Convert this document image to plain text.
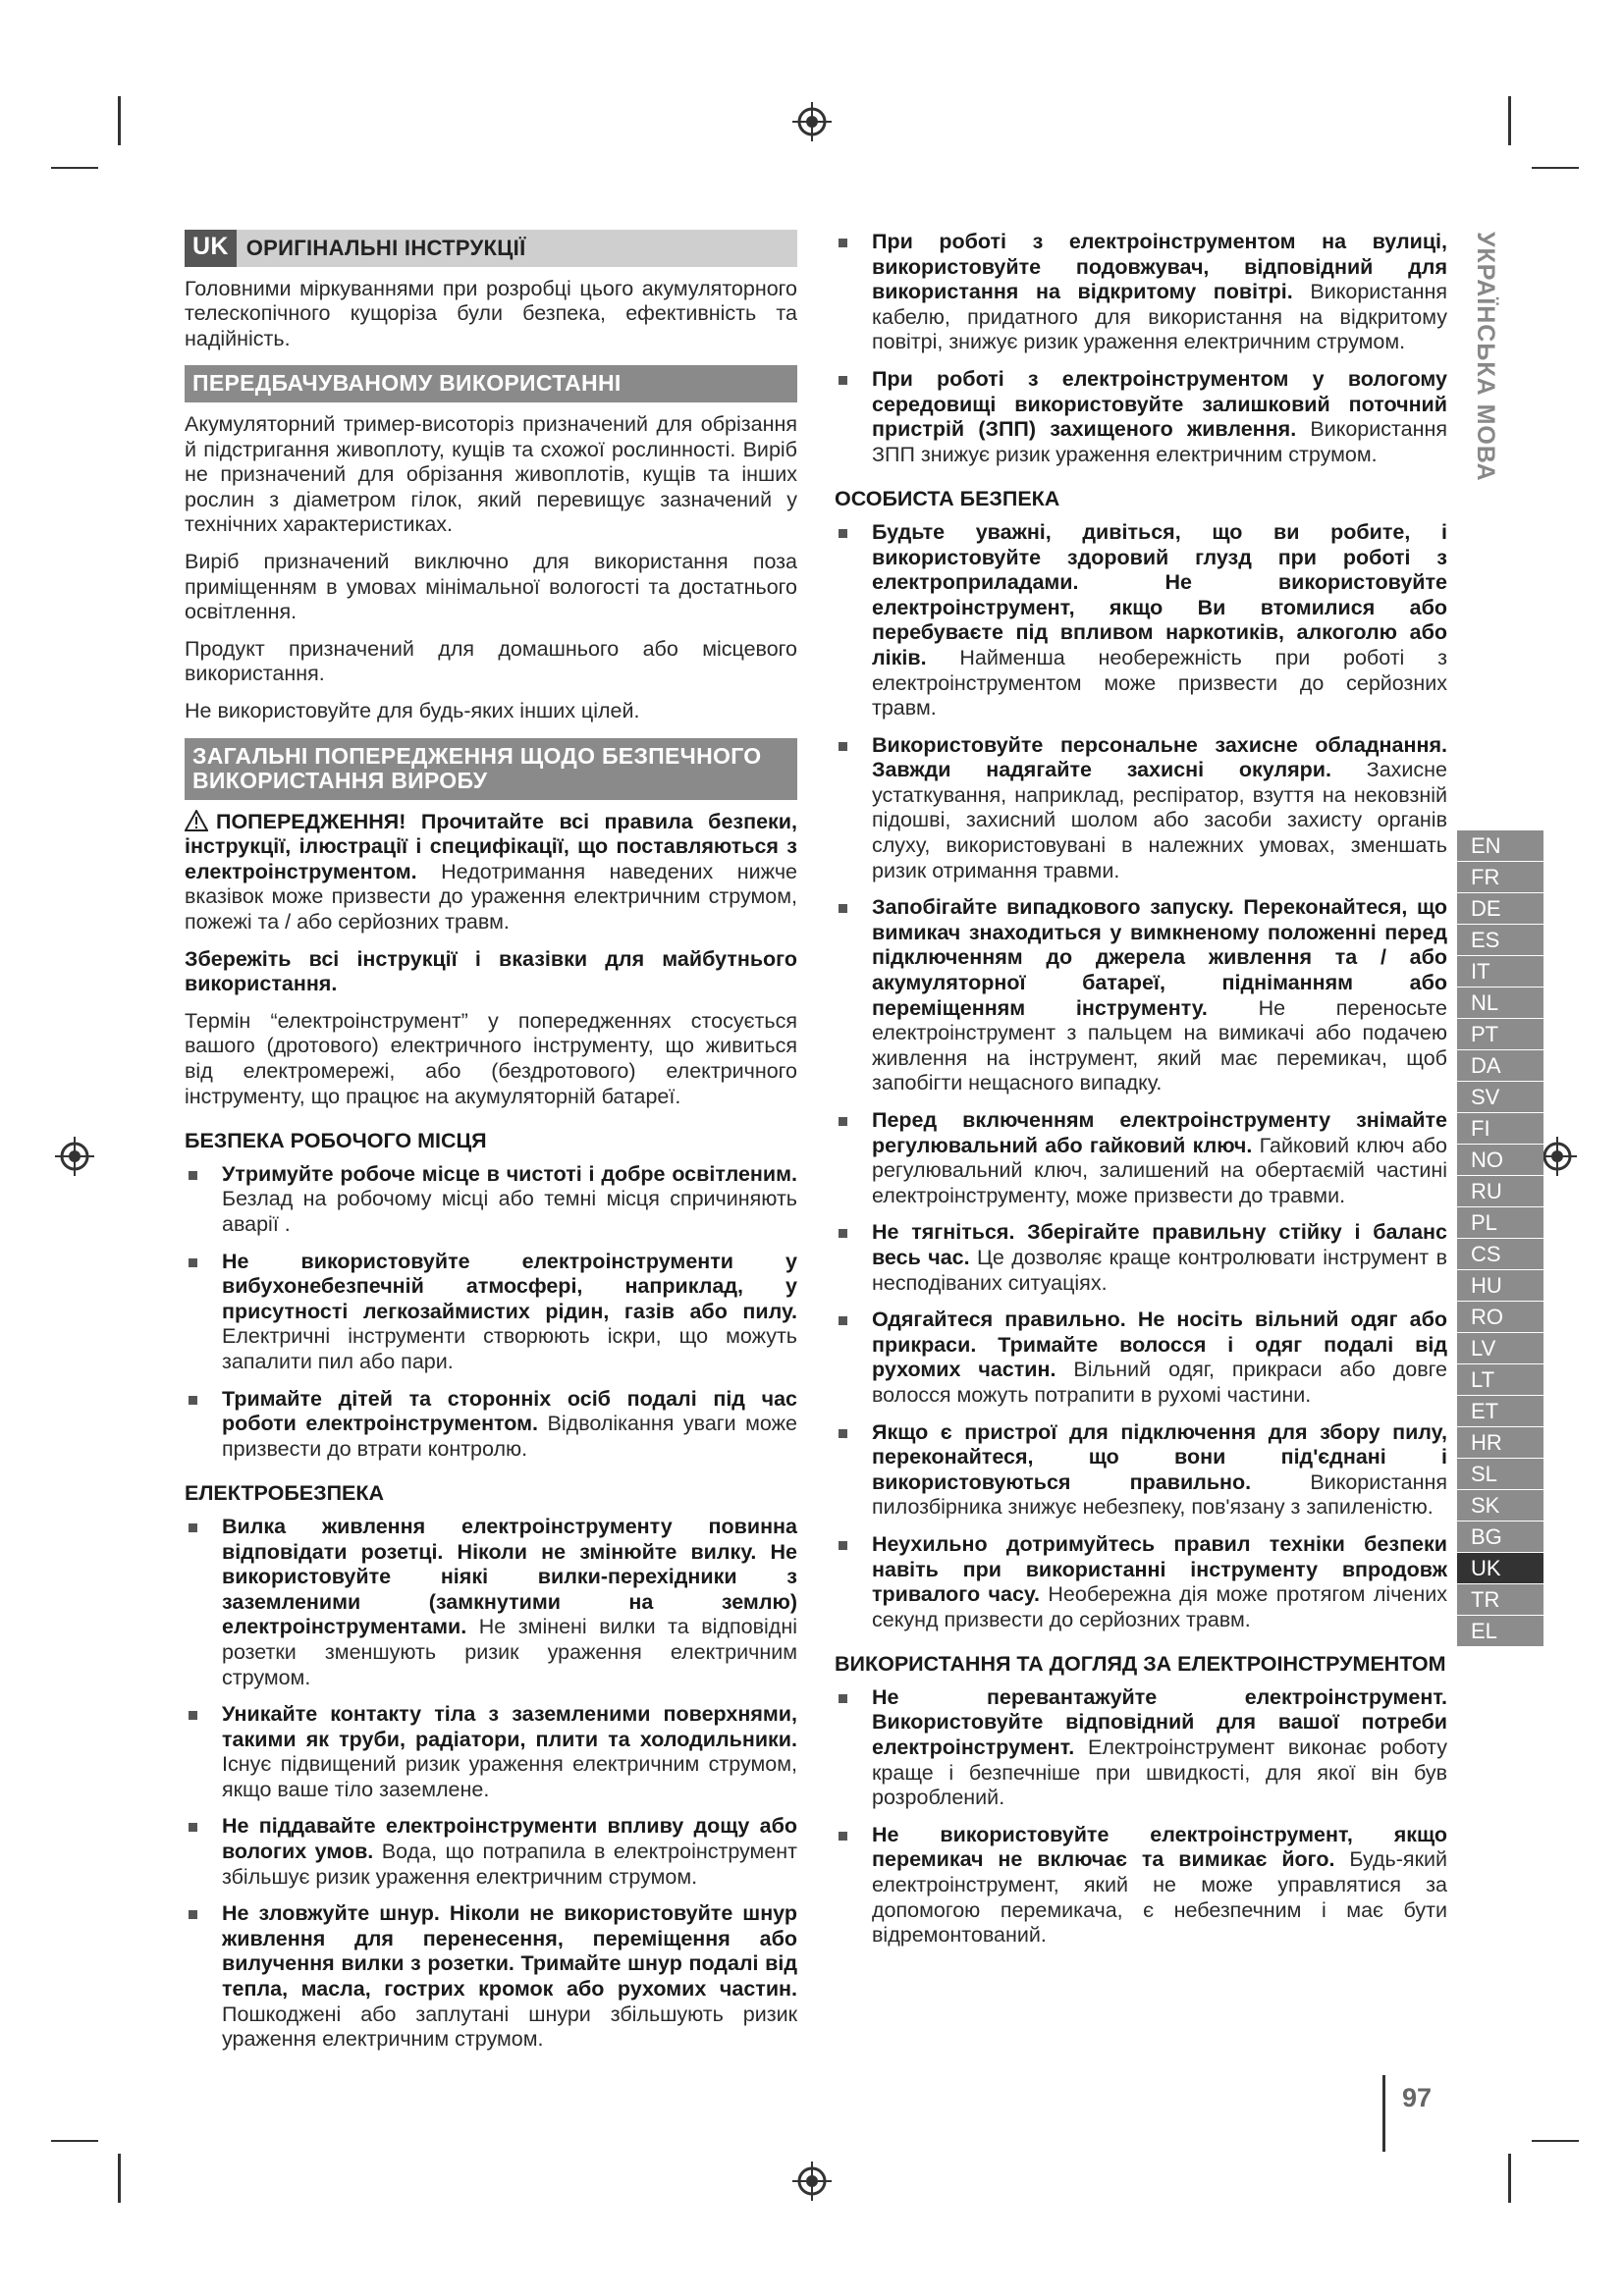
UK ОРИГІНАЛЬНІ ІНСТРУКЦІЇ

Головними міркуваннями при розробці цього акумуляторного телескопічного кущоріза були безпека, ефективність та надійність.

ПЕРЕДБАЧУВАНОМУ ВИКОРИСТАННІ

Акумуляторний тример-висоторіз призначений для обрізання й підстригання живоплоту, кущів та схожої рослинності. Виріб не призначений для обрізання живоплотів, кущів та інших рослин з діаметром гілок, який перевищує зазначений у технічних характеристиках.

Виріб призначений виключно для використання поза приміщенням в умовах мінімальної вологості та достатнього освітлення.

Продукт призначений для домашнього або місцевого використання.

Не використовуйте для будь-яких інших цілей.

ЗАГАЛЬНІ ПОПЕРЕДЖЕННЯ ЩОДО БЕЗПЕЧНОГО ВИКОРИСТАННЯ ВИРОБУ

ПОПЕРЕДЖЕННЯ! Прочитайте всі правила безпеки, інструкції, ілюстрації і специфікації, що поставляються з електроінструментом. Недотримання наведених нижче вказівок може призвести до ураження електричним струмом, пожежі та / або серйозних травм.

Збережіть всі інструкції і вказівки для майбутнього використання.

Термін “електроінструмент” у попередженнях стосується вашого (дротового) електричного інструменту, що живиться від електромережі, або (бездротового) електричного інструменту, що працює на акумуляторній батареї.

БЕЗПЕКА РОБОЧОГО МІСЦЯ
Утримуйте робоче місце в чистоті і добре освітленим. Безлад на робочому місці або темні місця спричиняють аварії .
Не використовуйте електроінструменти у вибухонебезпечній атмосфері, наприклад, у присутності легкозаймистих рідин, газів або пилу. Електричні інструменти створюють іскри, що можуть запалити пил або пари.
Тримайте дітей та сторонніх осіб подалі під час роботи електроінструментом. Відволікання уваги може призвести до втрати контролю.
ЕЛЕКТРОБЕЗПЕКА
Вилка живлення електроінструменту повинна відповідати розетці. Ніколи не змінюйте вилку. Не використовуйте ніякі вилки-перехідники з заземленими (замкнутими на землю) електроінструментами. Не змінені вилки та відповідні розетки зменшують ризик ураження електричним струмом.
Уникайте контакту тіла з заземленими поверхнями, такими як труби, радіатори, плити та холодильники. Існує підвищений ризик ураження електричним струмом, якщо ваше тіло заземлене.
Не піддавайте електроінструменти впливу дощу або вологих умов. Вода, що потрапила в електроінструмент збільшує ризик ураження електричним струмом.
Не зловжуйте шнур. Ніколи не використовуйте шнур живлення для перенесення, переміщення або вилучення вилки з розетки. Тримайте шнур подалі від тепла, масла, гострих кромок або рухомих частин. Пошкоджені або заплутані шнури збільшують ризик ураження електричним струмом.
При роботі з електроінструментом на вулиці, використовуйте подовжувач, відповідний для використання на відкритому повітрі. Використання кабелю, придатного для використання на відкритому повітрі, знижує ризик ураження електричним струмом.
При роботі з електроінструментом у вологому середовищі використовуйте залишковий поточний пристрій (ЗПП) захищеного живлення. Використання ЗПП знижує ризик ураження електричним струмом.
ОСОБИСТА БЕЗПЕКА
Будьте уважні, дивіться, що ви робите, і використовуйте здоровий глузд при роботі з електроприладами. Не використовуйте електроінструмент, якщо Ви втомилися або перебуваєте під впливом наркотиків, алкоголю або ліків. Найменша необережність при роботі з електроінструментом може призвести до серйозних травм.
Використовуйте персональне захисне обладнання. Завжди надягайте захисні окуляри. Захисне устаткування, наприклад, респіратор, взуття на нековзній підошві, захисний шолом або засоби захисту органів слуху, використовувані в належних умовах, зменшать ризик отримання травми.
Запобігайте випадкового запуску. Переконайтеся, що вимикач знаходиться у вимкненому положенні перед підключенням до джерела живлення та / або акумуляторної батареї, підніманням або переміщенням інструменту. Не переносьте електроінструмент з пальцем на вимикачі або подачею живлення на інструмент, який має перемикач, щоб запобігти нещасного випадку.
Перед включенням електроінструменту знімайте регулювальний або гайковий ключ. Гайковий ключ або регулювальний ключ, залишений на обертаємій частині електроінструменту, може призвести до травми.
Не тягніться. Зберігайте правильну стійку і баланс весь час. Це дозволяє краще контролювати інструмент в несподіваних ситуаціях.
Одягайтеся правильно. Не носіть вільний одяг або прикраси. Тримайте волосся і одяг подалі від рухомих частин. Вільний одяг, прикраси або довге волосся можуть потрапити в рухомі частини.
Якщо є пристрої для підключення для збору пилу, переконайтеся, що вони під'єднані і використовуються правильно. Використання пилозбірника знижує небезпеку, пов'язану з запиленістю.
Неухильно дотримуйтесь правил техніки безпеки навіть при використанні інструменту впродовж тривалого часу. Необережна дія може протягом лічених секунд призвести до серйозних травм.
ВИКОРИСТАННЯ ТА ДОГЛЯД ЗА ЕЛЕКТРОІНСТРУМЕНТОМ
Не перевантажуйте електроінструмент. Використовуйте відповідний для вашої потреби електроінструмент. Електроінструмент виконає роботу краще і безпечніше при швидкості, для якої він був розроблений.
Не використовуйте електроінструмент, якщо перемикач не включає та вимикає його. Будь-який електроінструмент, який не може управлятися за допомогою перемикача, є небезпечним і має бути відремонтований.
УКРАЇНСЬКА МОВА
EN
FR
DE
ES
IT
NL
PT
DA
SV
FI
NO
RU
PL
CS
HU
RO
LV
LT
ET
HR
SL
SK
BG
UK
TR
EL
97
